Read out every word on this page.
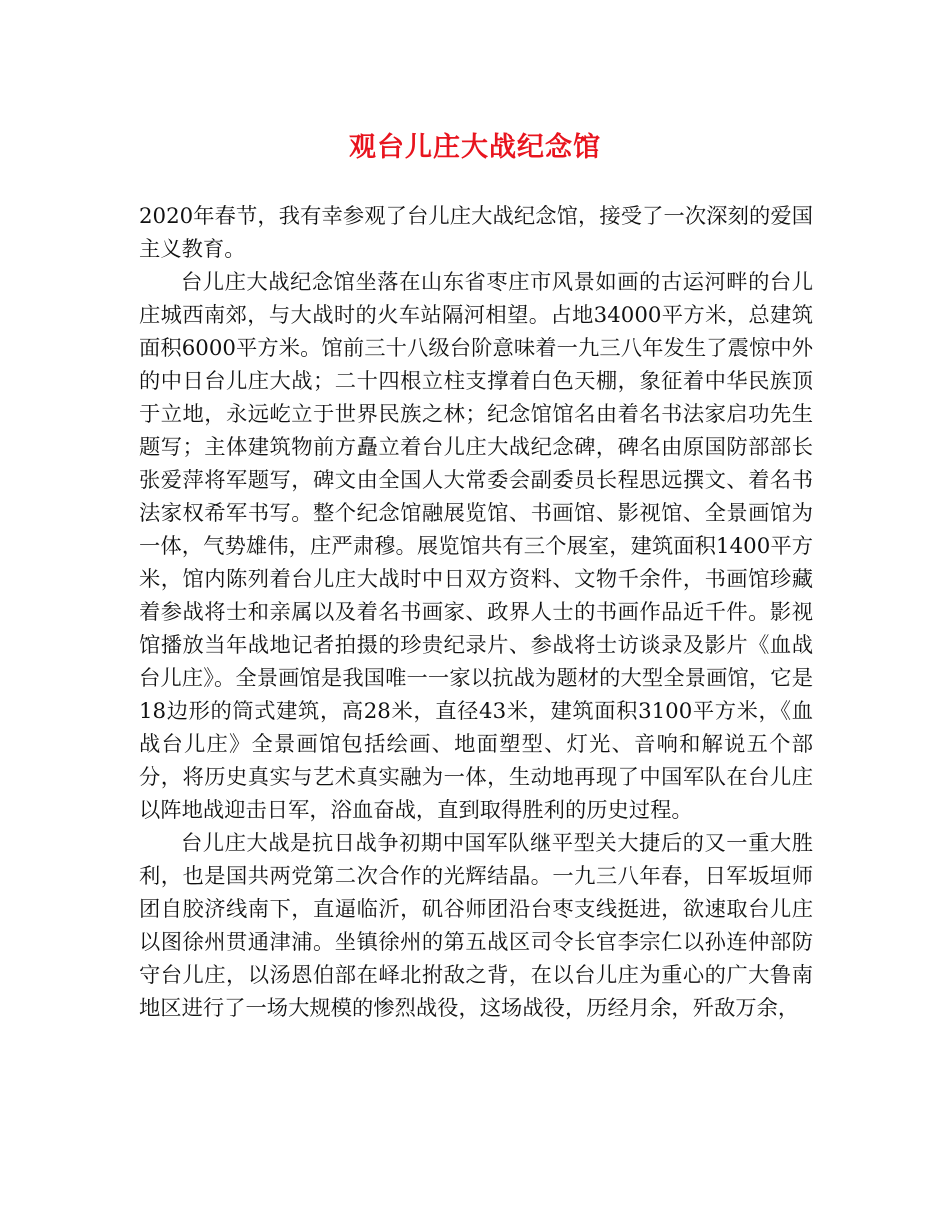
观台儿庄大战纪念馆

2020年春节，我有幸参观了台儿庄大战纪念馆，接受了一次深刻的爱国主义教育。

台儿庄大战纪念馆坐落在山东省枣庄市风景如画的古运河畔的台儿庄城西南郊，与大战时的火车站隔河相望。占地34000平方米，总建筑面积6000平方米。馆前三十八级台阶意味着一九三八年发生了震惊中外的中日台儿庄大战；二十四根立柱支撑着白色天棚，象征着中华民族顶于立地，永远屹立于世界民族之林；纪念馆馆名由着名书法家启功先生题写；主体建筑物前方矗立着台儿庄大战纪念碑，碑名由原国防部部长张爱萍将军题写，碑文由全国人大常委会副委员长程思远撰文、着名书法家权希军书写。整个纪念馆融展览馆、书画馆、影视馆、全景画馆为一体，气势雄伟，庄严肃穆。展览馆共有三个展室，建筑面积1400平方米，馆内陈列着台儿庄大战时中日双方资料、文物千余件，书画馆珍藏着参战将士和亲属以及着名书画家、政界人士的书画作品近千件。影视馆播放当年战地记者拍摄的珍贵纪录片、参战将士访谈录及影片《血战台儿庄》。全景画馆是我国唯一一家以抗战为题材的大型全景画馆，它是18边形的筒式建筑，高28米，直径43米，建筑面积3100平方米，《血战台儿庄》全景画馆包括绘画、地面塑型、灯光、音响和解说五个部分，将历史真实与艺术真实融为一体，生动地再现了中国军队在台儿庄以阵地战迎击日军，浴血奋战，直到取得胜利的历史过程。

台儿庄大战是抗日战争初期中国军队继平型关大捷后的又一重大胜利，也是国共两党第二次合作的光辉结晶。一九三八年春，日军坂垣师团自胶济线南下，直逼临沂，矶谷师团沿台枣支线挺进，欲速取台儿庄以图徐州贯通津浦。坐镇徐州的第五战区司令长官李宗仁以孙连仲部防守台儿庄，以汤恩伯部在峄北拊敌之背，在以台儿庄为重心的广大鲁南地区进行了一场大规模的惨烈战役，这场战役，历经月余，歼敌万余，
